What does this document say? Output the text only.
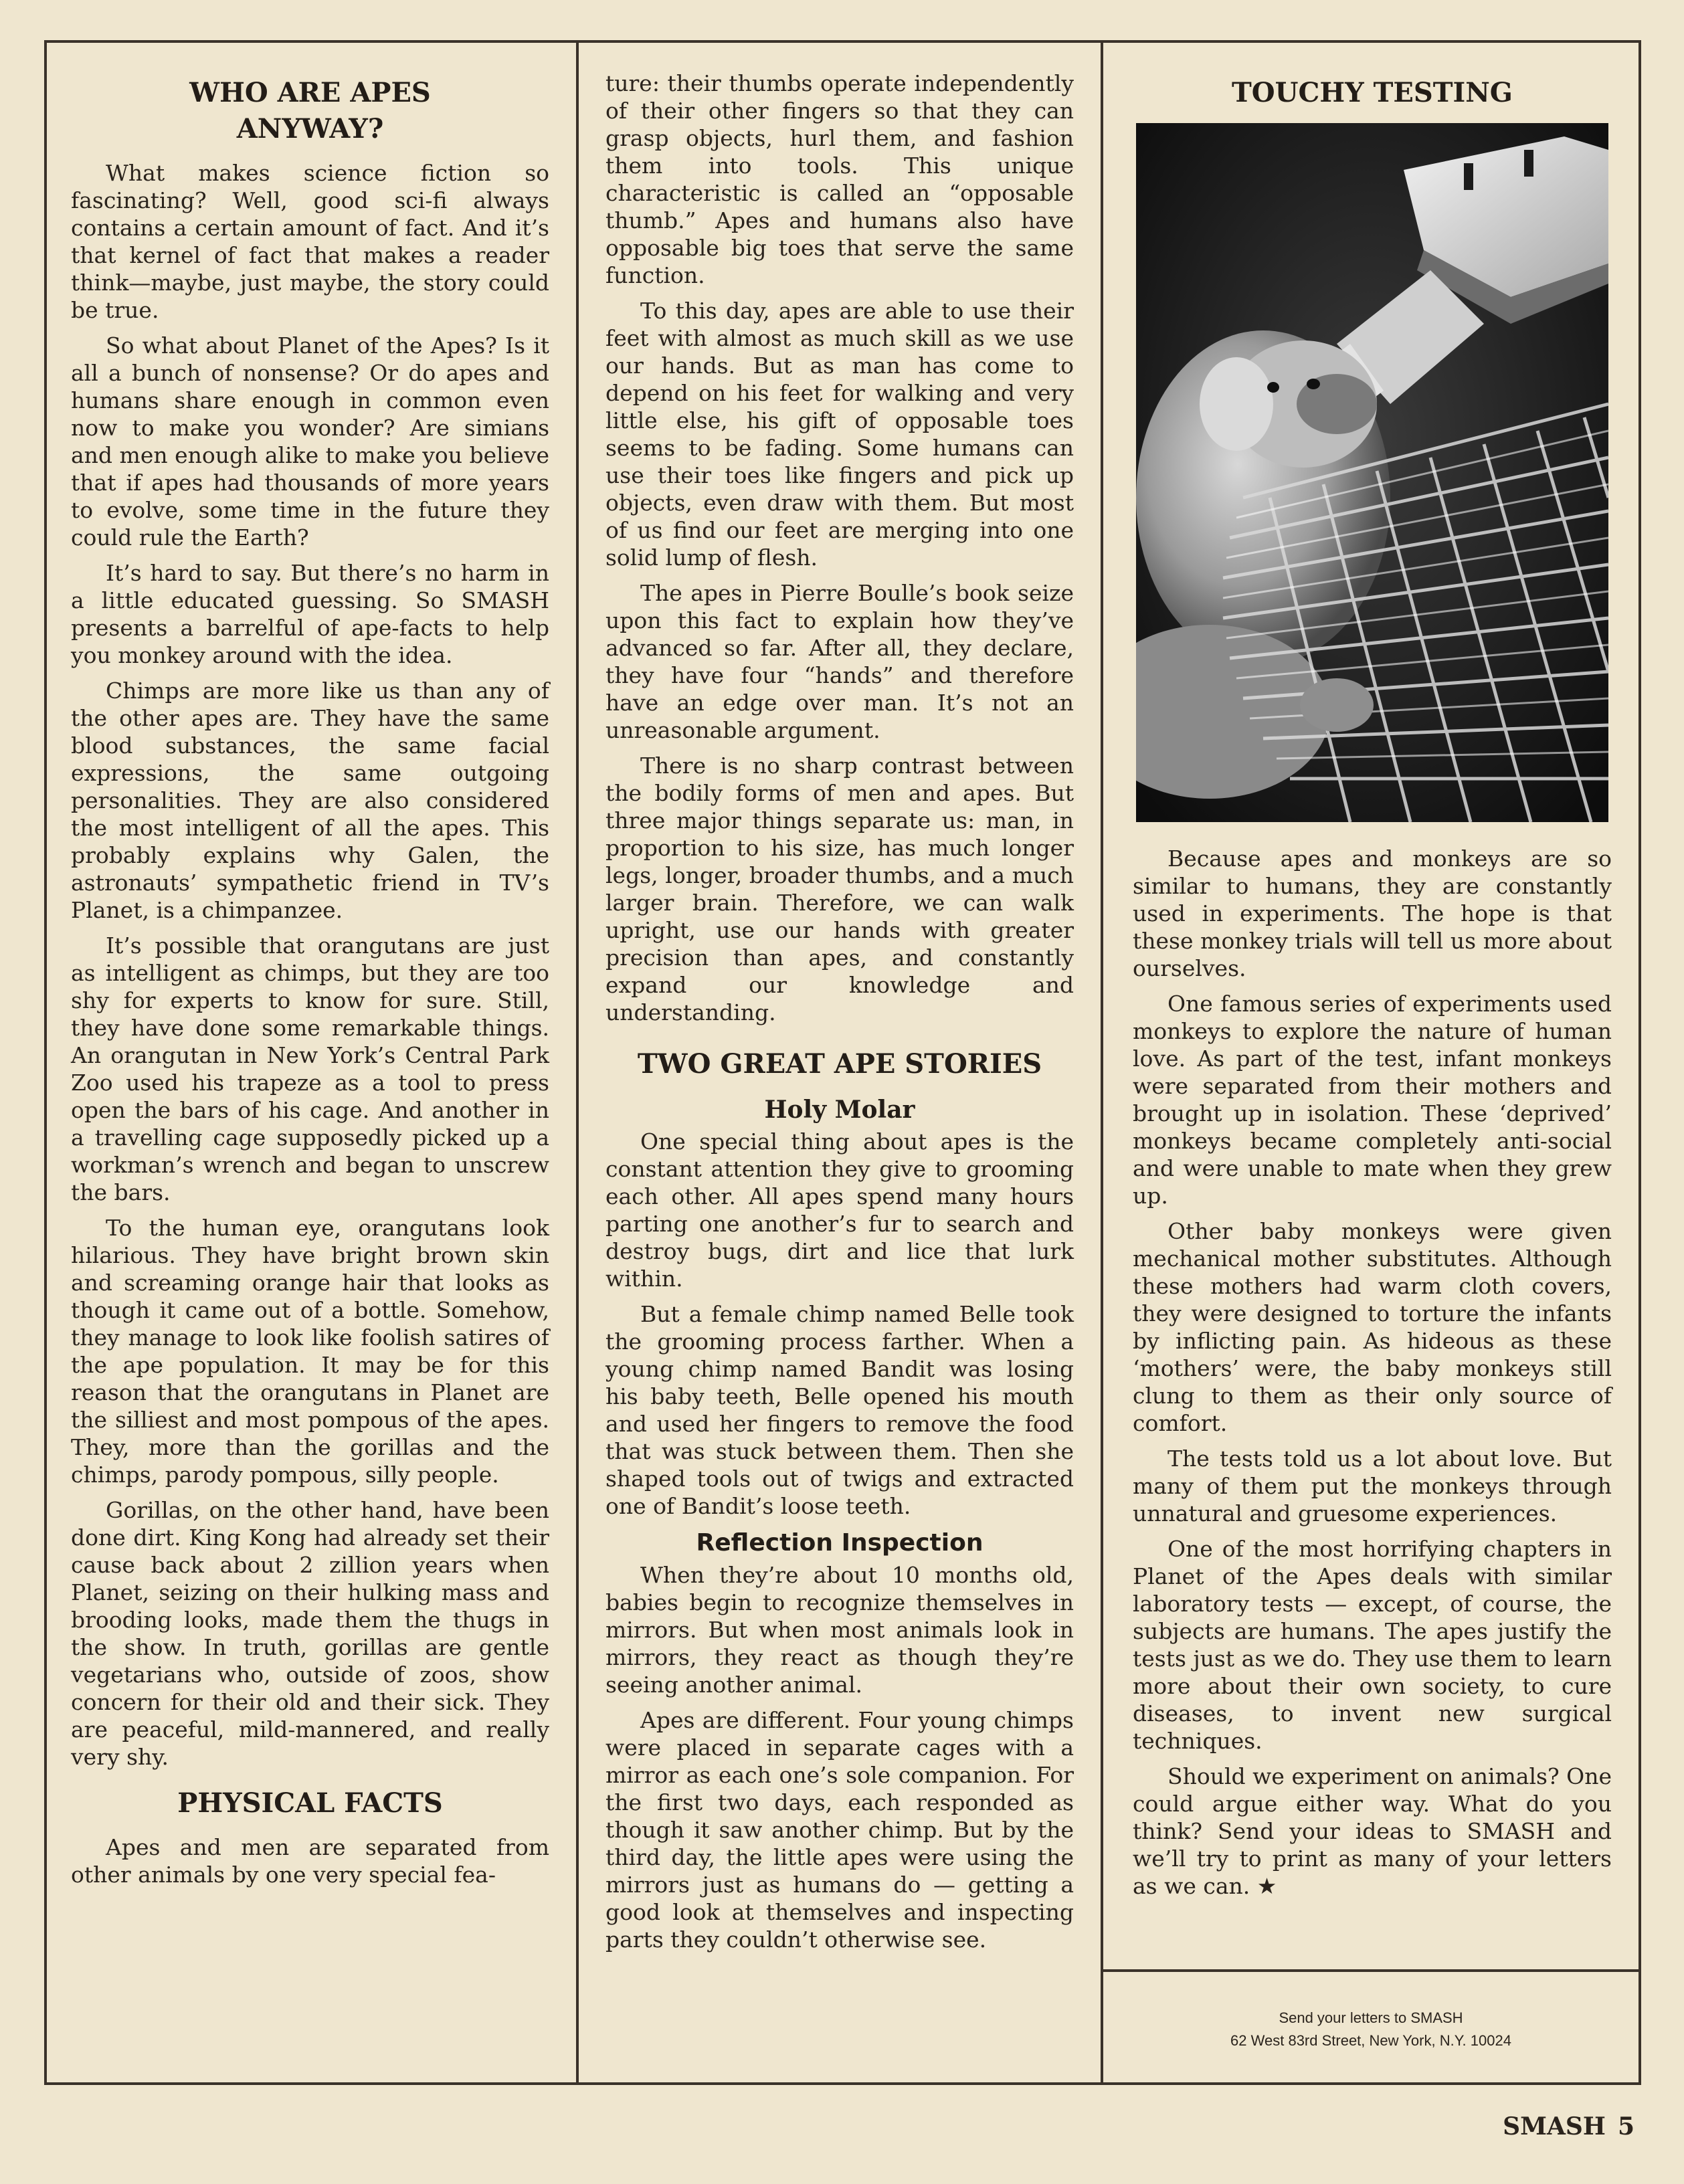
WHO ARE APES ANYWAY?

What makes science fiction so fascinating? Well, good sci-fi always contains a certain amount of fact. And it’s that kernel of fact that makes a reader think—maybe, just maybe, the story could be true.

So what about Planet of the Apes? Is it all a bunch of nonsense? Or do apes and humans share enough in common even now to make you wonder? Are simians and men enough alike to make you believe that if apes had thousands of more years to evolve, some time in the future they could rule the Earth?

It’s hard to say. But there’s no harm in a little educated guessing. So SMASH presents a barrelful of ape-facts to help you monkey around with the idea.

Chimps are more like us than any of the other apes are. They have the same blood substances, the same facial expressions, the same outgoing personalities. They are also considered the most intelligent of all the apes. This probably explains why Galen, the astronauts’ sympathetic friend in TV’s Planet, is a chimpanzee.

It’s possible that orangutans are just as intelligent as chimps, but they are too shy for experts to know for sure. Still, they have done some remarkable things. An orangutan in New York’s Central Park Zoo used his trapeze as a tool to press open the bars of his cage. And another in a travelling cage supposedly picked up a workman’s wrench and began to unscrew the bars.

To the human eye, orangutans look hilarious. They have bright brown skin and screaming orange hair that looks as though it came out of a bottle. Somehow, they manage to look like foolish satires of the ape population. It may be for this reason that the orangutans in Planet are the silliest and most pompous of the apes. They, more than the gorillas and the chimps, parody pompous, silly people.

Gorillas, on the other hand, have been done dirt. King Kong had already set their cause back about 2 zillion years when Planet, seizing on their hulking mass and brooding looks, made them the thugs in the show. In truth, gorillas are gentle vegetarians who, outside of zoos, show concern for their old and their sick. They are peaceful, mild-mannered, and really very shy.

PHYSICAL FACTS

Apes and men are separated from other animals by one very special fea-

ture: their thumbs operate independently of their other fingers so that they can grasp objects, hurl them, and fashion them into tools. This unique characteristic is called an “opposable thumb.” Apes and humans also have opposable big toes that serve the same function.

To this day, apes are able to use their feet with almost as much skill as we use our hands. But as man has come to depend on his feet for walking and very little else, his gift of opposable toes seems to be fading. Some humans can use their toes like fingers and pick up objects, even draw with them. But most of us find our feet are merging into one solid lump of flesh.

The apes in Pierre Boulle’s book seize upon this fact to explain how they’ve advanced so far. After all, they declare, they have four “hands” and therefore have an edge over man. It’s not an unreasonable argument.

There is no sharp contrast between the bodily forms of men and apes. But three major things separate us: man, in proportion to his size, has much longer legs, longer, broader thumbs, and a much larger brain. Therefore, we can walk upright, use our hands with greater precision than apes, and constantly expand our knowledge and understanding.

TWO GREAT APE STORIES
Holy Molar

One special thing about apes is the constant attention they give to grooming each other. All apes spend many hours parting one another’s fur to search and destroy bugs, dirt and lice that lurk within.

But a female chimp named Belle took the grooming process farther. When a young chimp named Bandit was losing his baby teeth, Belle opened his mouth and used her fingers to remove the food that was stuck between them. Then she shaped tools out of twigs and extracted one of Bandit’s loose teeth.

Reflection Inspection

When they’re about 10 months old, babies begin to recognize themselves in mirrors. But when most animals look in mirrors, they react as though they’re seeing another animal.

Apes are different. Four young chimps were placed in separate cages with a mirror as each one’s sole companion. For the first two days, each responded as though it saw another chimp. But by the third day, the little apes were using the mirrors just as humans do — getting a good look at themselves and inspecting parts they couldn’t otherwise see.

TOUCHY TESTING

Because apes and monkeys are so similar to humans, they are constantly used in experiments. The hope is that these monkey trials will tell us more about ourselves.

One famous series of experiments used monkeys to explore the nature of human love. As part of the test, infant monkeys were separated from their mothers and brought up in isolation. These ‘deprived’ monkeys became completely anti-social and were unable to mate when they grew up.

Other baby monkeys were given mechanical mother substitutes. Although these mothers had warm cloth covers, they were designed to torture the infants by inflicting pain. As hideous as these ‘mothers’ were, the baby monkeys still clung to them as their only source of comfort.

The tests told us a lot about love. But many of them put the monkeys through unnatural and gruesome experiences.

One of the most horrifying chapters in Planet of the Apes deals with similar laboratory tests — except, of course, the subjects are humans. The apes justify the tests just as we do. They use them to learn more about their own society, to cure diseases, to invent new surgical techniques.

Should we experiment on animals? One could argue either way. What do you think? Send your ideas to SMASH and we’ll try to print as many of your letters as we can. ★

Send your letters to SMASH
62 West 83rd Street, New York, N.Y. 10024
SMASH 5
